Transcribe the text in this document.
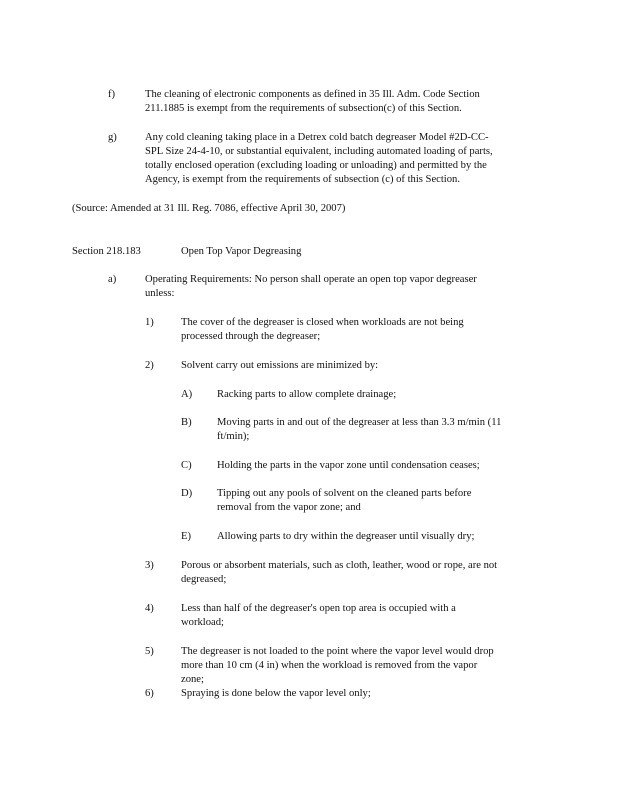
f)	The cleaning of electronic components as defined in 35 Ill. Adm. Code Section
211.1885 is exempt from the requirements of subsection(c) of this Section.
g)	Any cold cleaning taking place in a Detrex cold batch degreaser Model #2D-CC-
SPL Size 24-4-10, or substantial equivalent, including automated loading of parts,
totally enclosed operation (excluding loading or unloading) and permitted by the
Agency, is exempt from the requirements of subsection (c) of this Section.
(Source: Amended at 31 Ill. Reg. 7086, effective April 30, 2007)
Section 218.183	Open Top Vapor Degreasing
a)	Operating Requirements: No person shall operate an open top vapor degreaser
unless:
1)	The cover of the degreaser is closed when workloads are not being
processed through the degreaser;
2)	Solvent carry out emissions are minimized by:
A) Racking parts to allow complete drainage;
B) Moving parts in and out of the degreaser at less than 3.3 m/min (11
ft/min);
C) Holding the parts in the vapor zone until condensation ceases;
D) Tipping out any pools of solvent on the cleaned parts before
removal from the vapor zone; and
E) Allowing parts to dry within the degreaser until visually dry;
3)	Porous or absorbent materials, such as cloth, leather, wood or rope, are not
degreased;
4)	Less than half of the degreaser's open top area is occupied with a
workload;
5)	The degreaser is not loaded to the point where the vapor level would drop
more than 10 cm (4 in) when the workload is removed from the vapor
zone;
6)	Spraying is done below the vapor level only;
